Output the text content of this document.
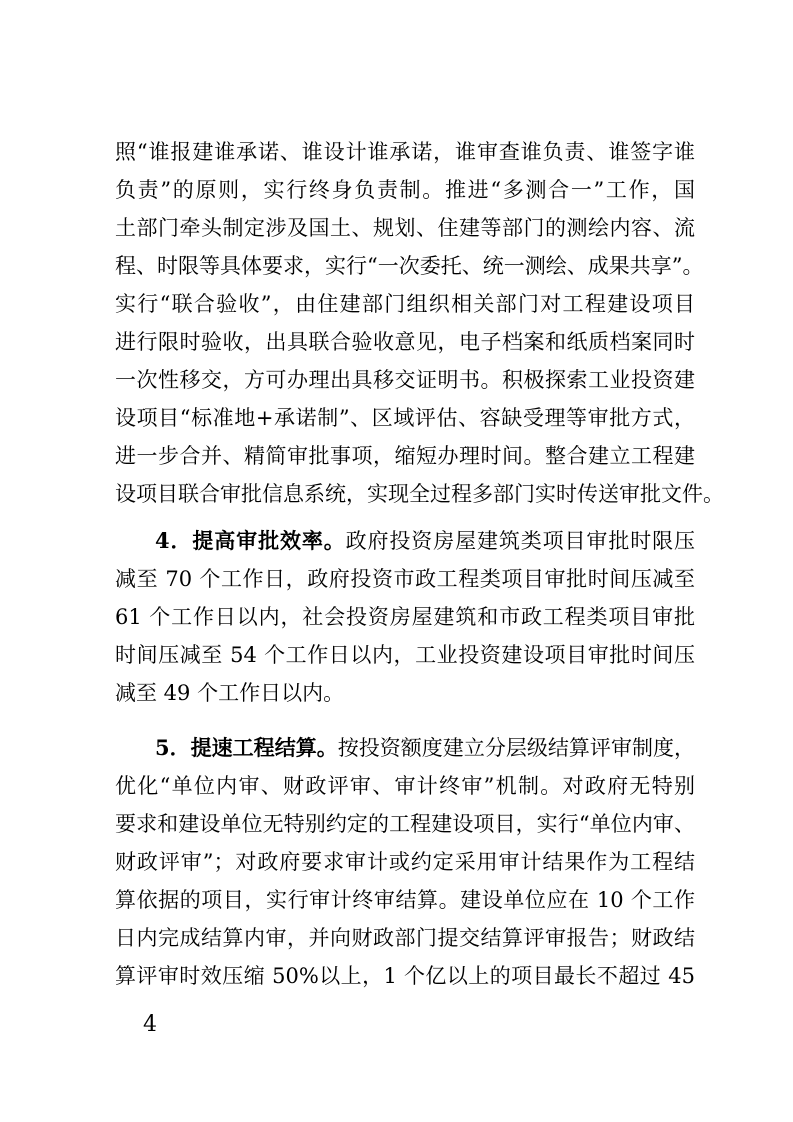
照“谁报建谁承诺、谁设计谁承诺，谁审查谁负责、谁签字谁
负责”的原则，实行终身负责制。推进“多测合一”工作，国
土部门牵头制定涉及国土、规划、住建等部门的测绘内容、流
程、时限等具体要求，实行“一次委托、统一测绘、成果共享”。
实行“联合验收”，由住建部门组织相关部门对工程建设项目
进行限时验收，出具联合验收意见，电子档案和纸质档案同时
一次性移交，方可办理出具移交证明书。积极探索工业投资建
设项目“标准地+承诺制”、区域评估、容缺受理等审批方式，
进一步合并、精简审批事项，缩短办理时间。整合建立工程建
设项目联合审批信息系统，实现全过程多部门实时传送审批文件。
4．提高审批效率。政府投资房屋建筑类项目审批时限压
减至 70 个工作日，政府投资市政工程类项目审批时间压减至
61 个工作日以内，社会投资房屋建筑和市政工程类项目审批
时间压减至 54 个工作日以内，工业投资建设项目审批时间压
减至 49 个工作日以内。
5．提速工程结算。按投资额度建立分层级结算评审制度，
优化“单位内审、财政评审、审计终审”机制。对政府无特别
要求和建设单位无特别约定的工程建设项目，实行“单位内审、
财政评审”；对政府要求审计或约定采用审计结果作为工程结
算依据的项目，实行审计终审结算。建设单位应在 10 个工作
日内完成结算内审，并向财政部门提交结算评审报告；财政结
算评审时效压缩 50%以上，1 个亿以上的项目最长不超过 45
4
